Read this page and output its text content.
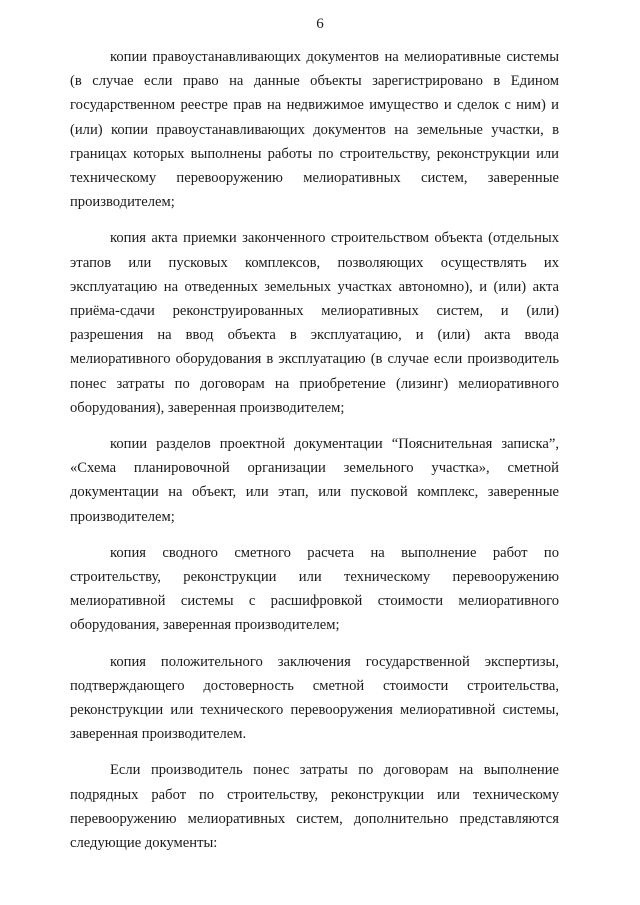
6

копии правоустанавливающих документов на мелиоративные системы (в случае если право на данные объекты зарегистрировано в Едином государственном реестре прав на недвижимое имущество и сделок с ним) и (или) копии правоустанавливающих документов на земельные участки, в границах которых выполнены работы по строительству, реконструкции или техническому перевооружению мелиоративных систем, заверенные производителем;

копия акта приемки законченного строительством объекта (отдельных этапов или пусковых комплексов, позволяющих осуществлять их эксплуатацию на отведенных земельных участках автономно), и (или) акта приёма-сдачи реконструированных мелиоративных систем, и (или) разрешения на ввод объекта в эксплуатацию, и (или) акта ввода мелиоративного оборудования в эксплуатацию (в случае если производитель понес затраты по договорам на приобретение (лизинг) мелиоративного оборудования), заверенная производителем;

копии разделов проектной документации “Пояснительная записка”, «Схема планировочной организации земельного участка», сметной документации на объект, или этап, или пусковой комплекс, заверенные производителем;

копия сводного сметного расчета на выполнение работ по строительству, реконструкции или техническому перевооружению мелиоративной системы с расшифровкой стоимости мелиоративного оборудования, заверенная производителем;

копия положительного заключения государственной экспертизы, подтверждающего достоверность сметной стоимости строительства, реконструкции или технического перевооружения мелиоративной системы, заверенная производителем.

Если производитель понес затраты по договорам на выполнение подрядных работ по строительству, реконструкции или техническому перевооружению мелиоративных систем, дополнительно представляются следующие документы:
